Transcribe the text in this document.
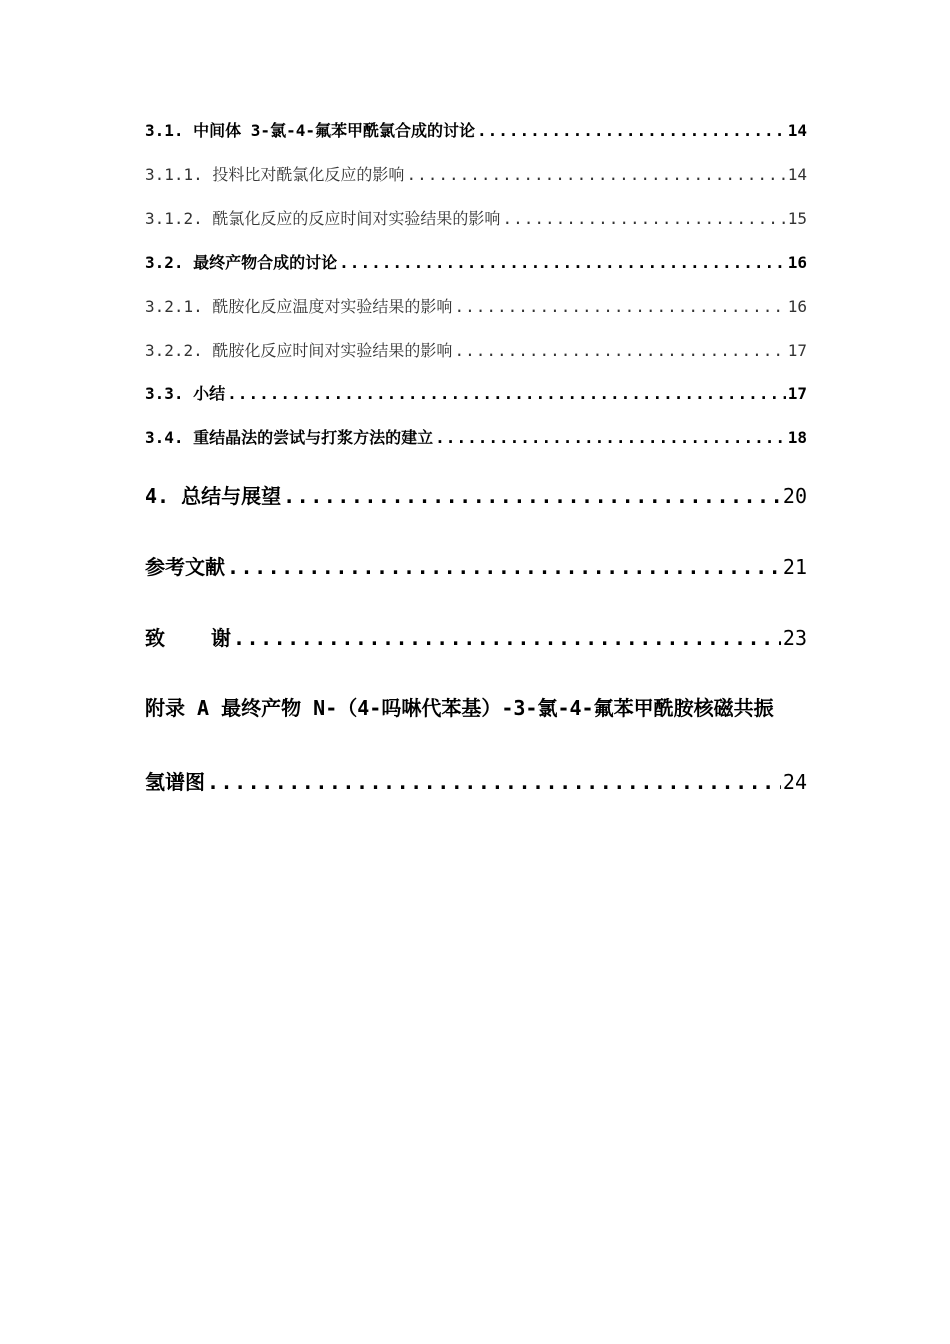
3.1. 中间体 3-氯-4-氟苯甲酰氯合成的讨论 .....	14
3.1.1. 投料比对酰氯化反应的影响 .....	14
3.1.2. 酰氯化反应的反应时间对实验结果的影响 .....	15
3.2. 最终产物合成的讨论 .....	16
3.2.1. 酰胺化反应温度对实验结果的影响 .....	16
3.2.2. 酰胺化反应时间对实验结果的影响 .....	17
3.3. 小结 .....	17
3.4. 重结晶法的尝试与打浆方法的建立 .....	18
4. 总结与展望 .....	20
参考文献 .....	21
致 谢 .....	23
附录 A 最终产物 N-（4-吗啉代苯基）-3-氯-4-氟苯甲酰胺核磁共振
氢谱图 .....	24
